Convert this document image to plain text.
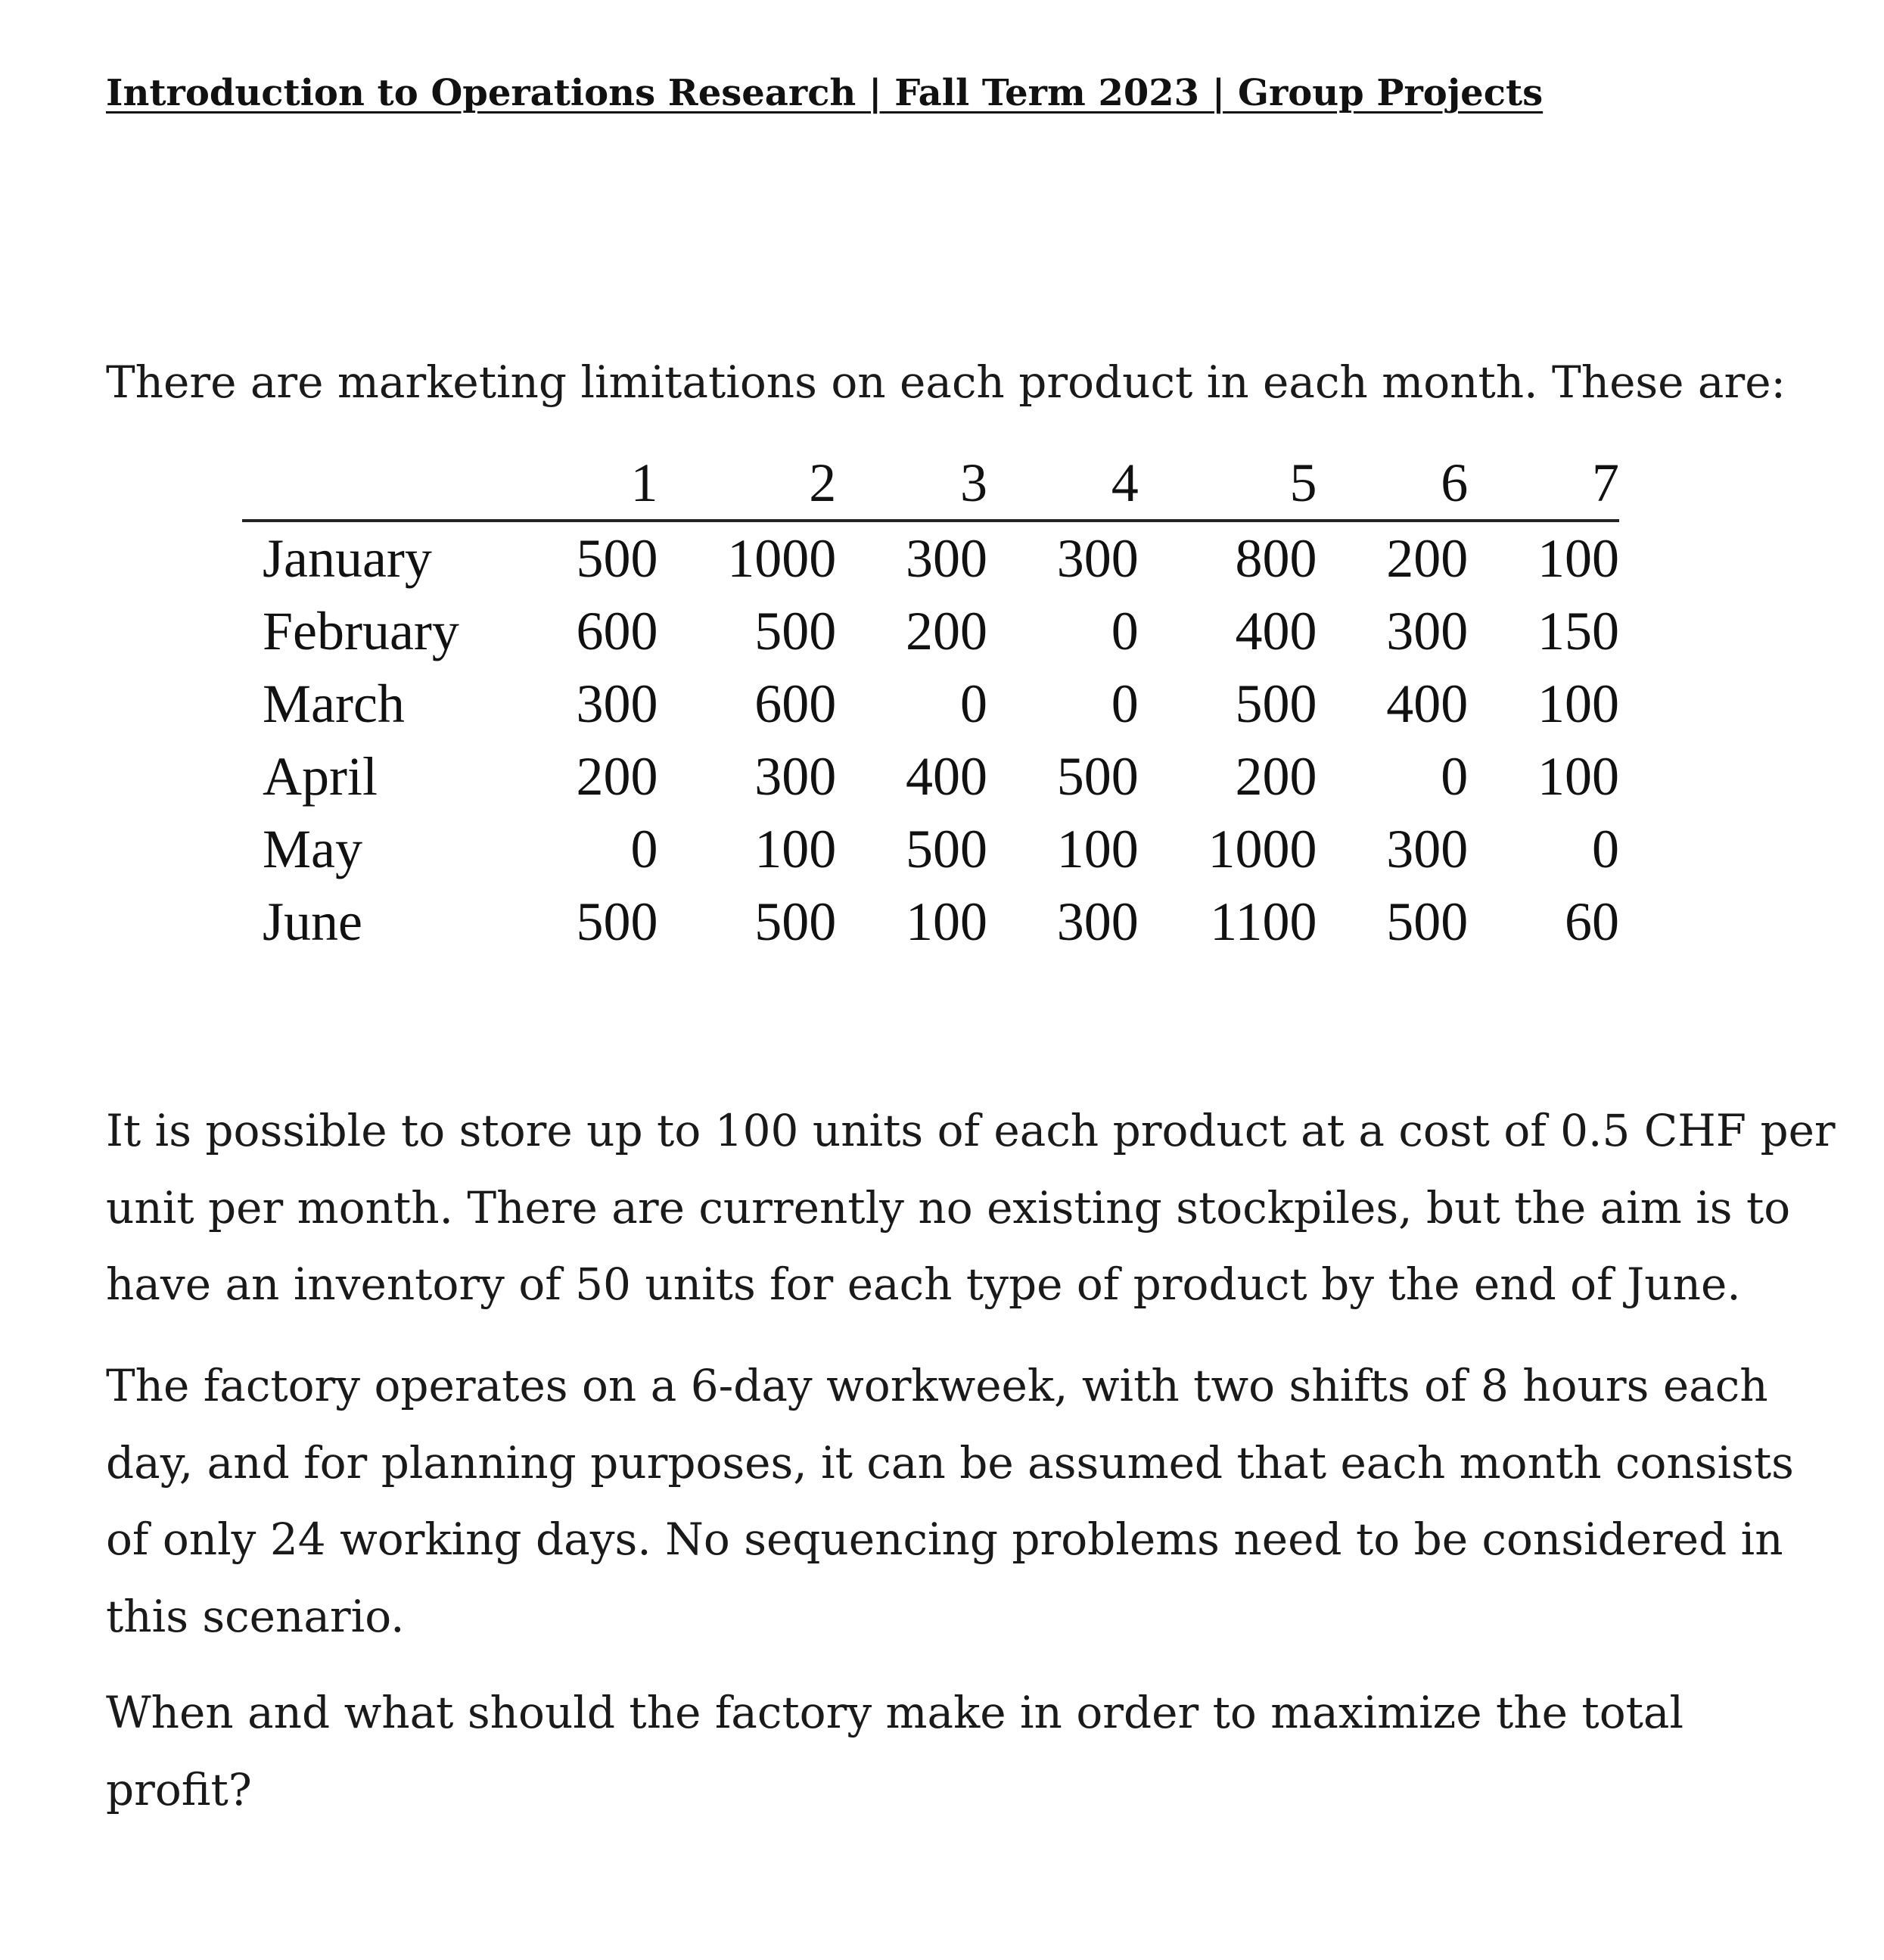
Introduction to Operations Research | Fall Term 2023 | Group Projects
There are marketing limitations on each product in each month. These are:
	1	2	3	4	5	6	7
January	500	1000	300	300	800	200	100
February	600	500	200	0	400	300	150
March	300	600	0	0	500	400	100
April	200	300	400	500	200	0	100
May	0	100	500	100	1000	300	0
June	500	500	100	300	1100	500	60
It is possible to store up to 100 units of each product at a cost of 0.5 CHF per
unit per month. There are currently no existing stockpiles, but the aim is to
have an inventory of 50 units for each type of product by the end of June.
The factory operates on a 6-day workweek, with two shifts of 8 hours each
day, and for planning purposes, it can be assumed that each month consists
of only 24 working days. No sequencing problems need to be considered in
this scenario.
When and what should the factory make in order to maximize the total
profit?
